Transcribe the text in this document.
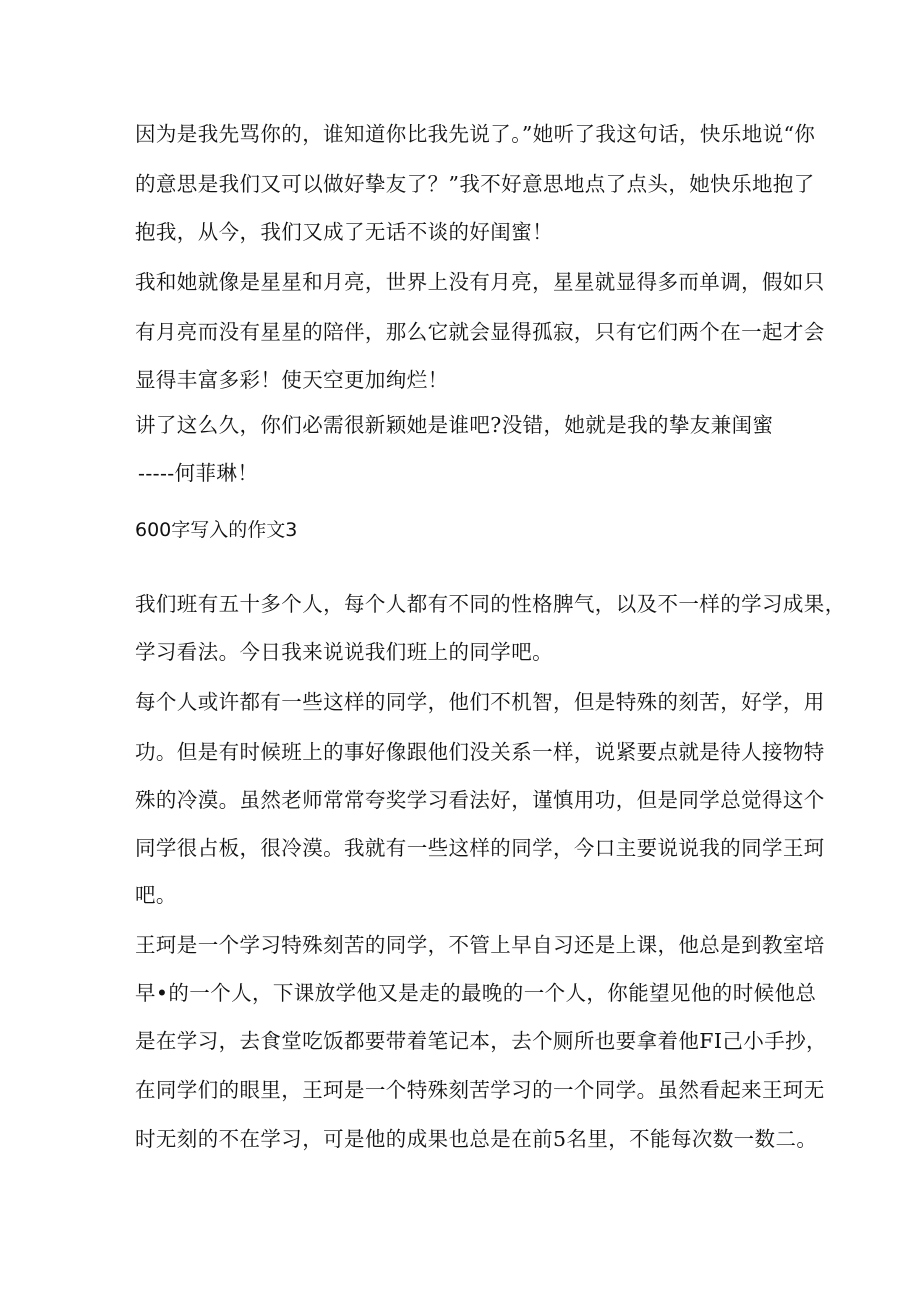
因为是我先骂你的，谁知道你比我先说了。”她听了我这句话，快乐地说“你
的意思是我们又可以做好挚友了？”我不好意思地点了点头，她快乐地抱了
抱我，从今，我们又成了无话不谈的好闺蜜！
我和她就像是星星和月亮，世界上没有月亮，星星就显得多而单调，假如只
有月亮而没有星星的陪伴，那么它就会显得孤寂，只有它们两个在一起才会
显得丰富多彩！使天空更加绚烂！
讲了这么久，你们必需很新颖她是谁吧?没错，她就是我的挚友兼闺蜜
-----何菲琳！
600字写入的作文3
我们班有五十多个人，每个人都有不同的性格脾气，以及不一样的学习成果，
学习看法。今日我来说说我们班上的同学吧。
每个人或许都有一些这样的同学，他们不机智，但是特殊的刻苦，好学，用
功。但是有时候班上的事好像跟他们没关系一样，说紧要点就是待人接物特
殊的冷漠。虽然老师常常夸奖学习看法好，谨慎用功，但是同学总觉得这个
同学很占板，很冷漠。我就有一些这样的同学，今口主要说说我的同学王珂
吧。
王珂是一个学习特殊刻苦的同学，不管上早自习还是上课，他总是到教室培
早•的一个人，下课放学他又是走的最晚的一个人，你能望见他的时候他总
是在学习，去食堂吃饭都要带着笔记本，去个厕所也要拿着他FI己小手抄，
在同学们的眼里，王珂是一个特殊刻苦学习的一个同学。虽然看起来王珂无
时无刻的不在学习，可是他的成果也总是在前5名里，不能每次数一数二。
